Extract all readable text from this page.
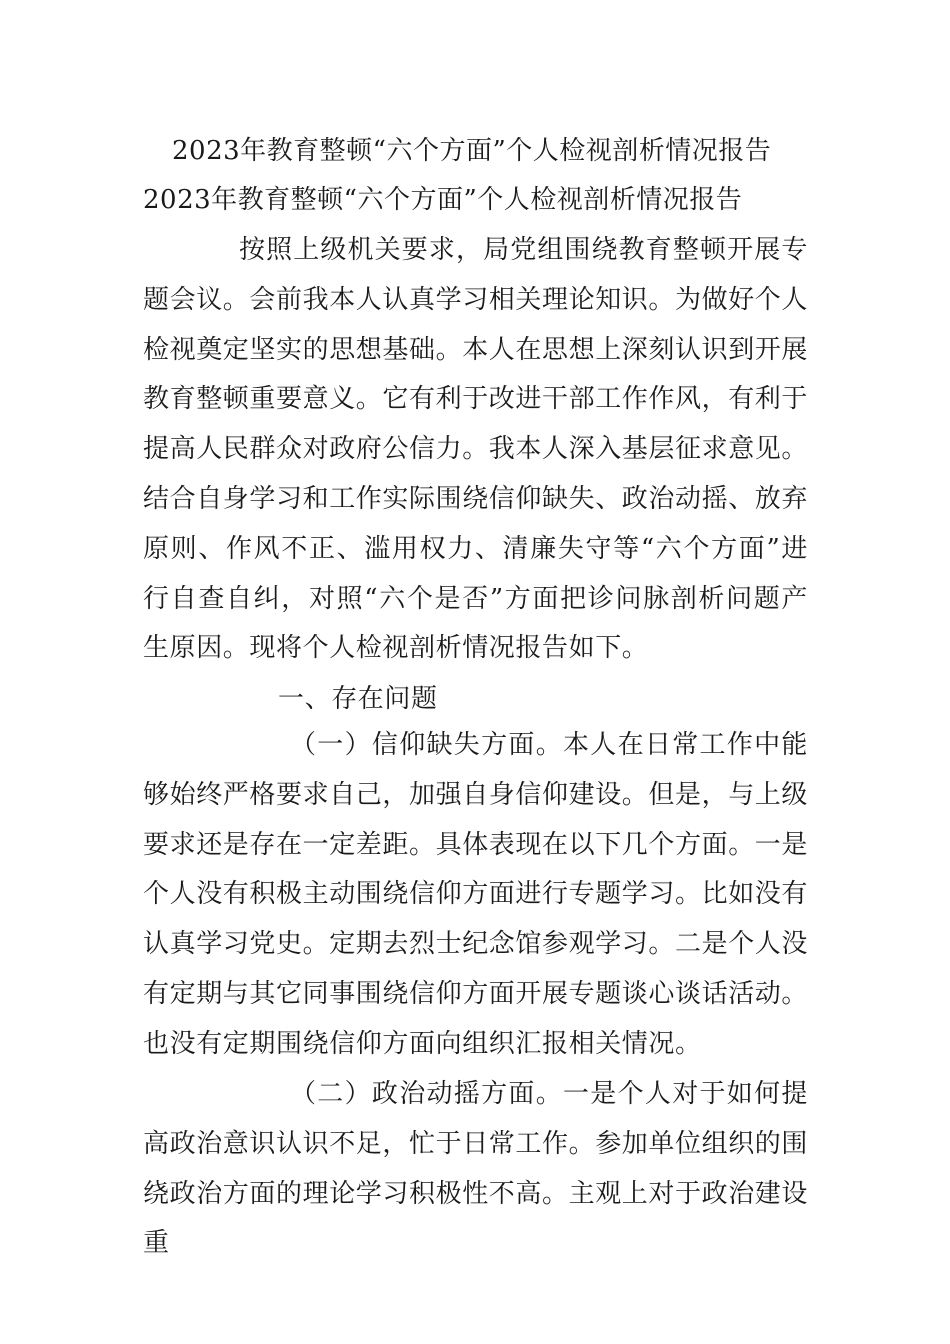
2023年教育整顿“六个方面”个人检视剖析情况报告
2023年教育整顿“六个方面”个人检视剖析情况报告
按照上级机关要求，局党组围绕教育整顿开展专题会议。会前我本人认真学习相关理论知识。为做好个人检视奠定坚实的思想基础。本人在思想上深刻认识到开展教育整顿重要意义。它有利于改进干部工作作风，有利于提高人民群众对政府公信力。我本人深入基层征求意见。结合自身学习和工作实际围绕信仰缺失、政治动摇、放弃原则、作风不正、滥用权力、清廉失守等“六个方面”进行自查自纠，对照“六个是否”方面把诊问脉剖析问题产生原因。现将个人检视剖析情况报告如下。
一、存在问题
（一）信仰缺失方面。本人在日常工作中能够始终严格要求自己，加强自身信仰建设。但是，与上级要求还是存在一定差距。具体表现在以下几个方面。一是个人没有积极主动围绕信仰方面进行专题学习。比如没有认真学习党史。定期去烈士纪念馆参观学习。二是个人没有定期与其它同事围绕信仰方面开展专题谈心谈话活动。也没有定期围绕信仰方面向组织汇报相关情况。
（二）政治动摇方面。一是个人对于如何提高政治意识认识不足，忙于日常工作。参加单位组织的围绕政治方面的理论学习积极性不高。主观上对于政治建设重
